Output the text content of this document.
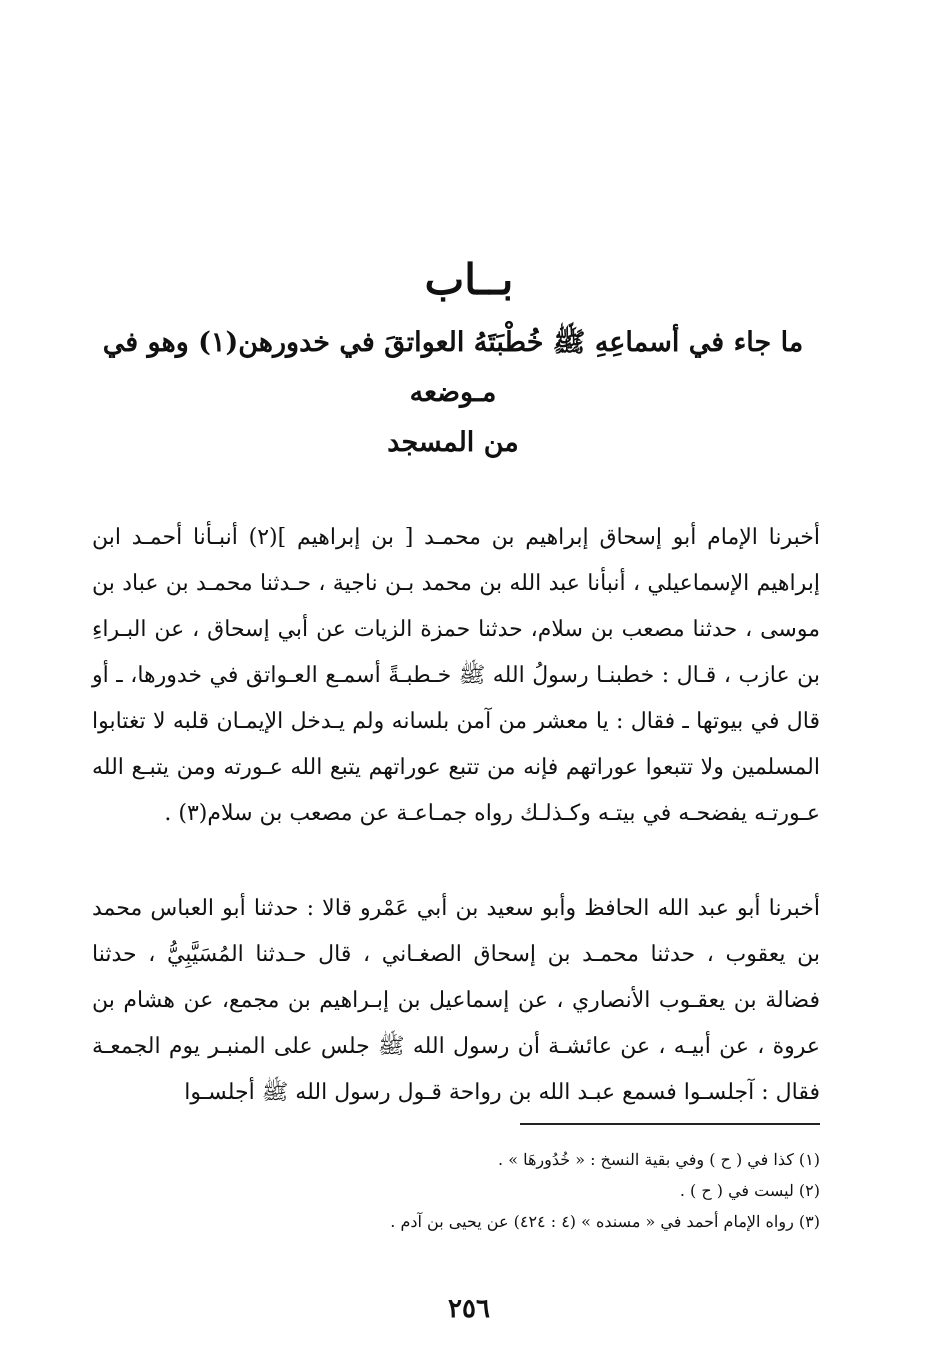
بــاب
ما جاء في أسماعِهِ ﷺ خُطْبَتَهُ العواتقَ في خدورهن(١) وهو في مـوضعه
من المسجد

أخبرنا الإمام أبو إسحاق إبراهيم بن محمـد [ بن إبراهيم ](٢) أنبـأنا أحمـد ابن إبراهيم الإسماعيلي ، أنبأنا عبد الله بن محمد بـن ناجية ، حـدثنا محمـد بن عباد بن موسى ، حدثنا مصعب بن سلام، حدثنا حمزة الزيات عن أبي إسحاق ، عن البـراءِ بن عازب ، قـال : خطبنـا رسولُ الله ﷺ خـطبـةً أسمـع العـواتق في خدورها، ـ أو قال في بيوتها ـ فقال : يا معشر من آمن بلسانه ولم يـدخل الإيمـان قلبه لا تغتابوا المسلمين ولا تتبعوا عوراتهم فإنه من تتبع عوراتهم يتبع الله عـورته ومن يتبـع الله عـورتـه يفضحـه في بيتـه وكـذلـك رواه جمـاعـة عن مصعب بن سلام(٣) .

أخبرنا أبو عبد الله الحافظ وأبو سعيد بن أبي عَمْرو قالا : حدثنا أبو العباس محمد بن يعقوب ، حدثنا محمـد بن إسحاق الصغـاني ، قال حـدثنا المُسَيَّبِيُّ ، حدثنا فضالة بن يعقـوب الأنصاري ، عن إسماعيل بن إبـراهيم بن مجمع، عن هشام بن عروة ، عن أبيـه ، عن عائشـة أن رسول الله ﷺ جلس على المنبـر يوم الجمعـة فقال : آجلسـوا فسمع عبـد الله بن رواحة قـول رسول الله ﷺ أجلسـوا

(١) كذا في ( ح ) وفي بقية النسخ : « خُدُورهَا » .
(٢) ليست في ( ح ) .
(٣) رواه الإمام أحمد في « مسنده » (٤ : ٤٢٤) عن يحيى بن آدم .
٢٥٦
